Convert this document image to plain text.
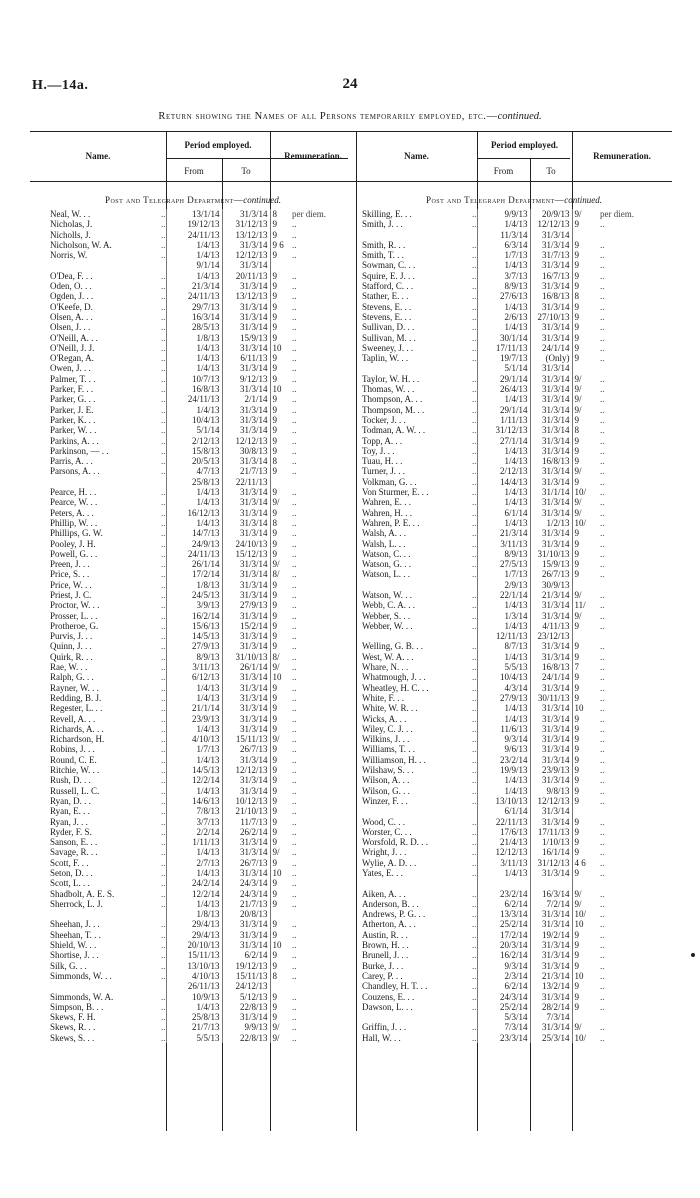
H.—14a.	24
Return showing the Names of all Persons temporarily employed, etc.—continued.
Name.
Period employed.
From	To
Remuneration.	Name.
Period employed.
From	To
Remuneration.
Post and Telegraph Department—continued.	Post and Telegraph Department—continued.
Neal, W. . .	..	13/1/14	31/3/14	8	per diem.
Nicholas, J.	..	19/12/13	31/12/13	9	..
Nicholls, J.	..	24/11/13	13/12/13	9	..
Nicholson, W. A.	..	1/4/13	31/3/14	9 6	..
Norris, W.	..	1/4/13	12/12/13	9	..
		9/1/14	31/3/14		
O'Dea, F. . .	..	1/4/13	20/11/13	9	..
Oden, O. . .	..	21/3/14	31/3/14	9	..
Ogden, J. . .	..	24/11/13	13/12/13	9	..
O'Keefe, D.	..	29/7/13	31/3/14	9	..
Olsen, A. . .	..	16/3/14	31/3/14	9	..
Olsen, J. . .	..	28/5/13	31/3/14	9	..
O'Neill, A. . .	..	1/8/13	15/9/13	9	..
O'Neill, J. J.	..	1/4/13	31/3/14	10	..
O'Regan, A.	..	1/4/13	6/11/13	9	..
Owen, J. . .	..	1/4/13	31/3/14	9	..
Palmer, T. . .	..	10/7/13	9/12/13	9	..
Parker, F. . .	..	16/8/13	31/3/14	10	..
Parker, G. . .	..	24/11/13	2/1/14	9	..
Parker, J. E.	..	1/4/13	31/3/14	9	..
Parker, K. . .	..	10/4/13	31/3/14	9	..
Parker, W. . .	..	5/1/14	31/3/14	9	..
Parkins, A. . .	..	2/12/13	12/12/13	9	..
Parkinson, — . .	..	15/8/13	30/8/13	9	..
Parris, A. . .	..	20/5/13	31/3/14	8	..
Parsons, A. . .	..	4/7/13	21/7/13	9	..
		25/8/13	22/11/13		
Pearce, H. . .	..	1/4/13	31/3/14	9	..
Pearce, W. . .	..	1/4/13	31/3/14	9/	..
Peters, A. . .	..	16/12/13	31/3/14	9	..
Phillip, W. . .	..	1/4/13	31/3/14	8	..
Phillips, G. W.	..	14/7/13	31/3/14	9	..
Pooley, J. H.	..	24/9/13	24/10/13	9	..
Powell, G. . .	..	24/11/13	15/12/13	9	..
Preen, J. . .	..	26/1/14	31/3/14	9/	..
Price, S. . .	..	17/2/14	31/3/14	8/	..
Price, W. . .	..	1/8/13	31/3/14	9	..
Priest, J. C.	..	24/5/13	31/3/14	9	..
Proctor, W. . .	..	3/9/13	27/9/13	9	..
Prosser, L. . .	..	16/2/14	31/3/14	9	..
Protheroe, G.	..	15/6/13	15/2/14	9	..
Purvis, J. . .	..	14/5/13	31/3/14	9	..
Quinn, J. . .	..	27/9/13	31/3/14	9	..
Quirk, R. . .	..	8/9/13	31/10/13	8/	..
Rae, W. . .	..	3/11/13	26/1/14	9/	..
Ralph, G. . .	..	6/12/13	31/3/14	10	..
Rayner, W. . .	..	1/4/13	31/3/14	9	..
Redding, B. J.	..	1/4/13	31/3/14	9	..
Regester, L. . .	..	21/1/14	31/3/14	9	..
Revell, A. . .	..	23/9/13	31/3/14	9	..
Richards, A. . .	..	1/4/13	31/3/14	9	..
Richardson, H.	..	4/10/13	15/11/13	9/	..
Robins, J. . .	..	1/7/13	26/7/13	9	..
Round, C. E.	..	1/4/13	31/3/14	9	..
Ritchie, W. . .	..	14/5/13	12/12/13	9	..
Rush, D. . .	..	12/2/14	31/3/14	9	..
Russell, L. C.	..	1/4/13	31/3/14	9	..
Ryan, D. . .	..	14/6/13	10/12/13	9	..
Ryan, E. . .	..	7/8/13	21/10/13	9	..
Ryan, J. . .	..	3/7/13	11/7/13	9	..
Ryder, F. S.	..	2/2/14	26/2/14	9	..
Sanson, E. . .	..	1/11/13	31/3/14	9	..
Savage, R. . .	..	1/4/13	31/3/14	9/	..
Scott, F. . .	..	2/7/13	26/7/13	9	..
Seton, D. . .	..	1/4/13	31/3/14	10	..
Scott, L. . .	..	24/2/14	24/3/14	9	..
Shadbolt, A. E. S.	..	12/2/14	24/3/14	9	..
Sherrock, L. J.	..	1/4/13	21/7/13	9	..
		1/8/13	20/8/13		
Sheehan, J. . .	..	29/4/13	31/3/14	9	..
Sheehan, T. . .	..	29/4/13	31/3/14	9	..
Shield, W. . .	..	20/10/13	31/3/14	10	..
Shortise, J. . .	..	15/11/13	6/2/14	9	..
Silk, G. . .	..	13/10/13	19/12/13	9	..
Simmonds, W. . .	..	4/10/13	15/11/13	8	..
		26/11/13	24/12/13		
Simmonds, W. A.	..	10/9/13	5/12/13	9	..
Simpson, B. . .	..	1/4/13	22/8/13	9	..
Skews, F. H.	..	25/8/13	31/3/14	9	..
Skews, R. . .	..	21/7/13	9/9/13	9/	..
Skews, S. . .	..	5/5/13	22/8/13	9/	..
Skilling, E. . .	..	9/9/13	20/9/13	9/	per diem.
Smith, J. . .	..	1/4/13	12/12/13	9	..
		11/3/14	31/3/14		
Smith, R. . .	..	6/3/14	31/3/14	9	..
Smith, T. . .	..	1/7/13	31/7/13	9	..
Sowman, C. . .	..	1/4/13	31/3/14	9	..
Squire, E. J. . .	..	3/7/13	16/7/13	9	..
Stafford, C. . .	..	8/9/13	31/3/14	9	..
Stather, E. . .	..	27/6/13	16/8/13	8	..
Stevens, E. . .	..	1/4/13	31/3/14	9	..
Stevens, E. . .	..	2/6/13	27/10/13	9	..
Sullivan, D. . .	..	1/4/13	31/3/14	9	..
Sullivan, M. . .	..	30/1/14	31/3/14	9	..
Sweeney, J. . .	..	17/11/13	24/1/14	9	..
Taplin, W. . .	..	19/7/13	(Only)	9	..
		5/1/14	31/3/14		
Taylor, W. H. . .	..	29/1/14	31/3/14	9/	..
Thomas, W. . .	..	26/4/13	31/3/14	9/	..
Thompson, A. . .	..	1/4/13	31/3/14	9/	..
Thompson, M. . .	..	29/1/14	31/3/14	9/	..
Tocker, J. . .	..	1/11/13	31/3/14	9	..
Todman, A. W. . .	..	31/12/13	31/3/14	8	..
Topp, A. . .	..	27/1/14	31/3/14	9	..
Toy, J. . .	..	1/4/13	31/3/14	9	..
Tuau, H. . .	..	1/4/13	16/8/13	9	..
Turner, J. . .	..	2/12/13	31/3/14	9/	..
Volkman, G. . .	..	14/4/13	31/3/14	9	..
Von Sturmer, E. . .	..	1/4/13	31/1/14	10/	..
Wahren, E. . .	..	1/4/13	31/3/14	9/	..
Wahren, H. . .	..	6/1/14	31/3/14	9/	..
Wahren, P. E. . .	..	1/4/13	1/2/13	10/	..
Walsh, A. . .	..	21/3/14	31/3/14	9	..
Walsh, L. . .	..	3/11/13	31/3/14	9	..
Watson, C. . .	..	8/9/13	31/10/13	9	..
Watson, G. . .	..	27/5/13	15/9/13	9	..
Watson, L. . .	..	1/7/13	26/7/13	9	..
		2/9/13	30/9/13		
Watson, W. . .	..	22/1/14	21/3/14	9/	..
Webb, C. A. . .	..	1/4/13	31/3/14	11/	..
Webber, S. . .	..	1/3/14	31/3/14	9/	..
Webber, W. . .	..	1/4/13	4/11/13	9	..
		12/11/13	23/12/13		
Welling, G. B. . .	..	8/7/13	31/3/14	9	..
West, W. A. . .	..	1/4/13	31/3/14	9	..
Whare, N. . .	..	5/5/13	16/8/13	7	..
Whatmough, J. . .	..	10/4/13	24/1/14	9	..
Wheatley, H. C. . .	..	4/3/14	31/3/14	9	..
White, F. . .	..	27/9/13	30/11/13	9	..
White, W. R. . .	..	1/4/13	31/3/14	10	..
Wicks, A. . .	..	1/4/13	31/3/14	9	..
Wiley, C. J. . .	..	11/6/13	31/3/14	9	..
Wilkins, J. . .	..	9/3/14	31/3/14	9	..
Williams, T. . .	..	9/6/13	31/3/14	9	..
Williamson, H. . .	..	23/2/14	31/3/14	9	..
Wilshaw, S. . .	..	19/9/13	23/9/13	9	..
Wilson, A. . .	..	1/4/13	31/3/14	9	..
Wilson, G. . .	..	1/4/13	9/8/13	9	..
Winzer, F. . .	..	13/10/13	12/12/13	9	..
		6/1/14	31/3/14		
Wood, C. . .	..	22/11/13	31/3/14	9	..
Worster, C. . .	..	17/6/13	17/11/13	9	..
Worsfold, R. D. . .	..	21/4/13	1/10/13	9	..
Wright, J. . .	..	12/12/13	16/1/14	9	..
Wylie, A. D. . .	..	3/11/13	31/12/13	4 6	..
Yates, E. . .	..	1/4/13	31/3/14	9	..

Aiken, A. . .	..	23/2/14	16/3/14	9/	..
Anderson, B. . .	..	6/2/14	7/2/14	9/	..
Andrews, P. G. . .	..	13/3/14	31/3/14	10/	..
Atherton, A. . .	..	25/2/14	31/3/14	10	..
Austin, R. . .	..	17/2/14	19/2/14	9	..
Brown, H. . .	..	20/3/14	31/3/14	9	..
Brunell, J. . .	..	16/2/14	31/3/14	9	..
Burke, J. . .	..	9/3/14	31/3/14	9	..
Carey, P. . .	..	2/3/14	21/3/14	10	..
Chandley, H. T. . .	..	6/2/14	13/2/14	9	..
Couzens, E. . .	..	24/3/14	31/3/14	9	..
Dawson, L. . .	..	25/2/14	28/2/14	9	..
		5/3/14	7/3/14		
Griffin, J. . .	..	7/3/14	31/3/14	9/	..
Hall, W. . .	..	23/3/14	25/3/14	10/	..
